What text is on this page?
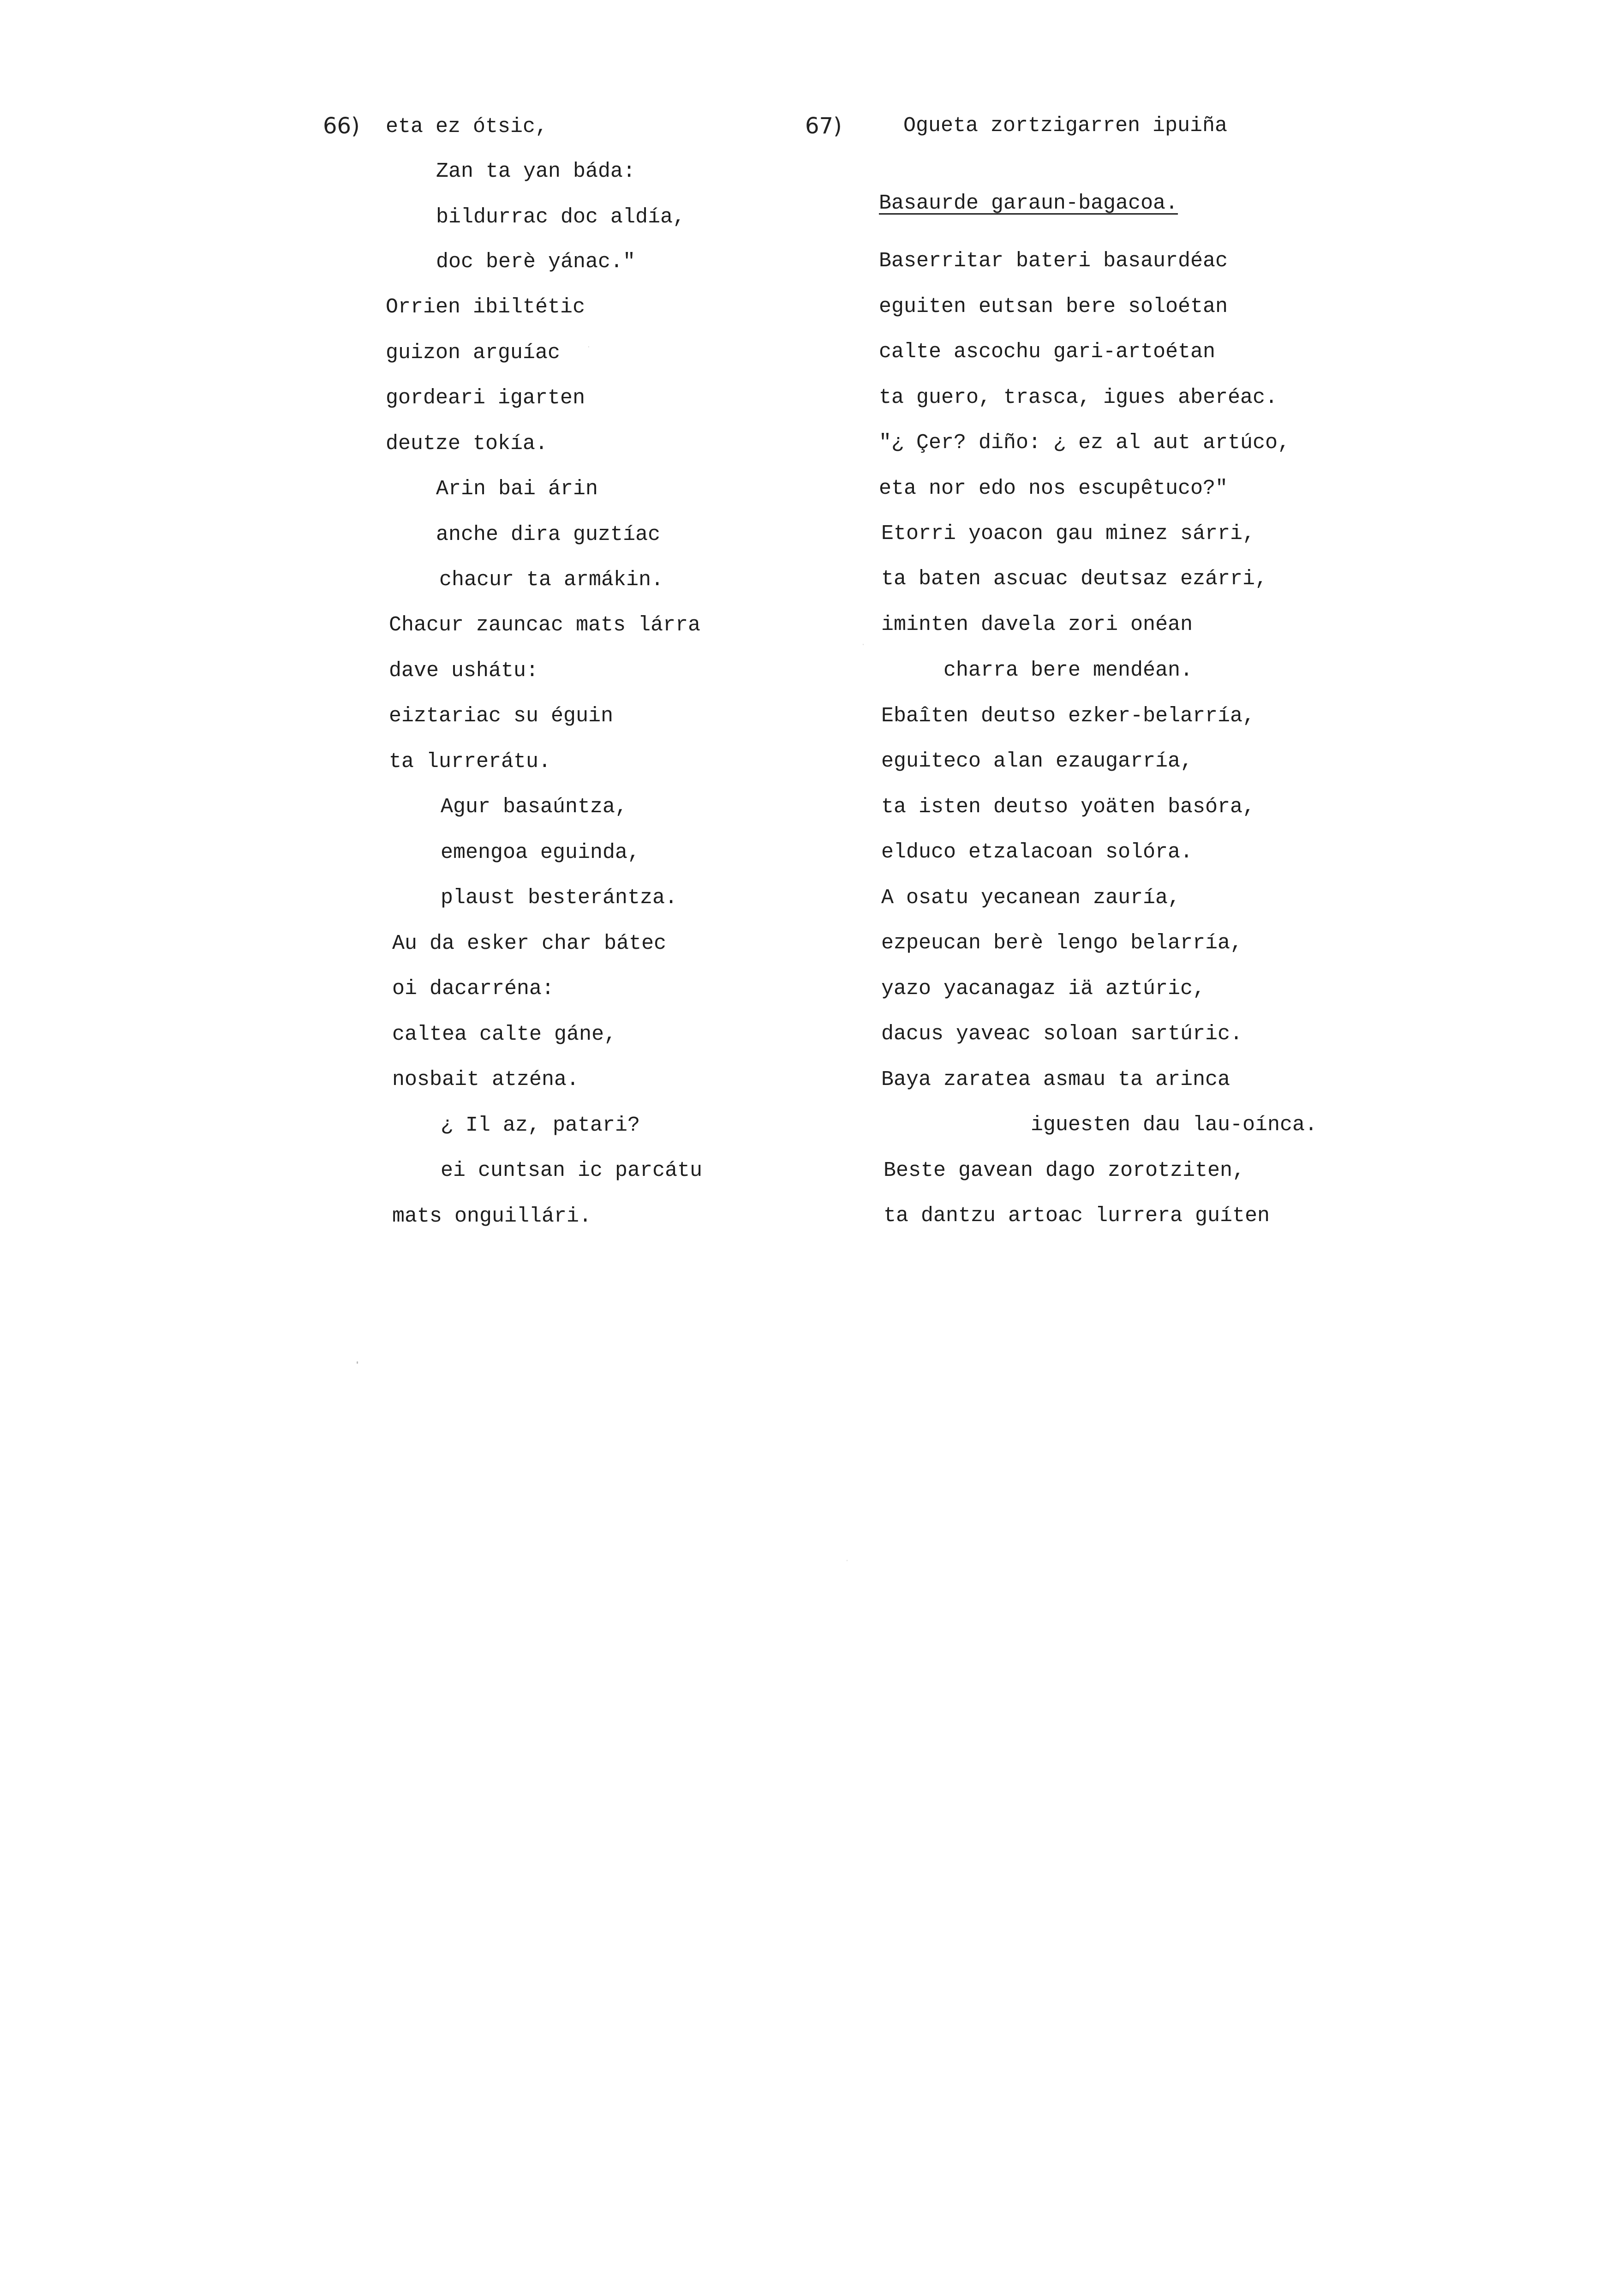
66) eta ez ótsic,
Zan ta yan báda:
bildurrac doc aldía,
doc berè yánac."
Orrien ibiltétic
guizon arguíac
gordeari igarten
deutze tokía.
Arin bai árin
anche dira guztíac
chacur ta armákin.
Chacur zauncac mats lárra
dave ushátu:
eiztariac su éguin
ta lurrerátu.
Agur basaúntza,
emengoa eguinda,
plaust besterántza.
Au da esker char bátec
oi dacarréna:
caltea calte gáne,
nosbait atzéna.
¿ Il az, patari?
ei cuntsan ic parcátu
mats onguillári.
67)	Ogueta zortzigarren ipuiña
Basaurde garaun-bagacoa.
Baserritar bateri basaurdéac
eguiten eutsan bere soloétan
calte ascochu gari-artoétan
ta guero, trasca, igues aberéac.
"¿ Çer? diño: ¿ ez al aut artúco,
eta nor edo nos escupêtuco?"
Etorri yoacon gau minez sárri,
ta baten ascuac deutsaz ezárri,
iminten davela zori onéan
charra bere mendéan.
Ebaîten deutso ezker-belarría,
eguiteco alan ezaugarría,
ta isten deutso yoäten basóra,
elduco etzalacoan solóra.
A osatu yecanean zauría,
ezpeucan berè lengo belarría,
yazo yacanagaz iä aztúric,
dacus yaveac soloan sartúric.
Baya zaratea asmau ta arinca
iguesten dau lau-oínca.
Beste gavean dago zorotziten,
ta dantzu artoac lurrera guíten
